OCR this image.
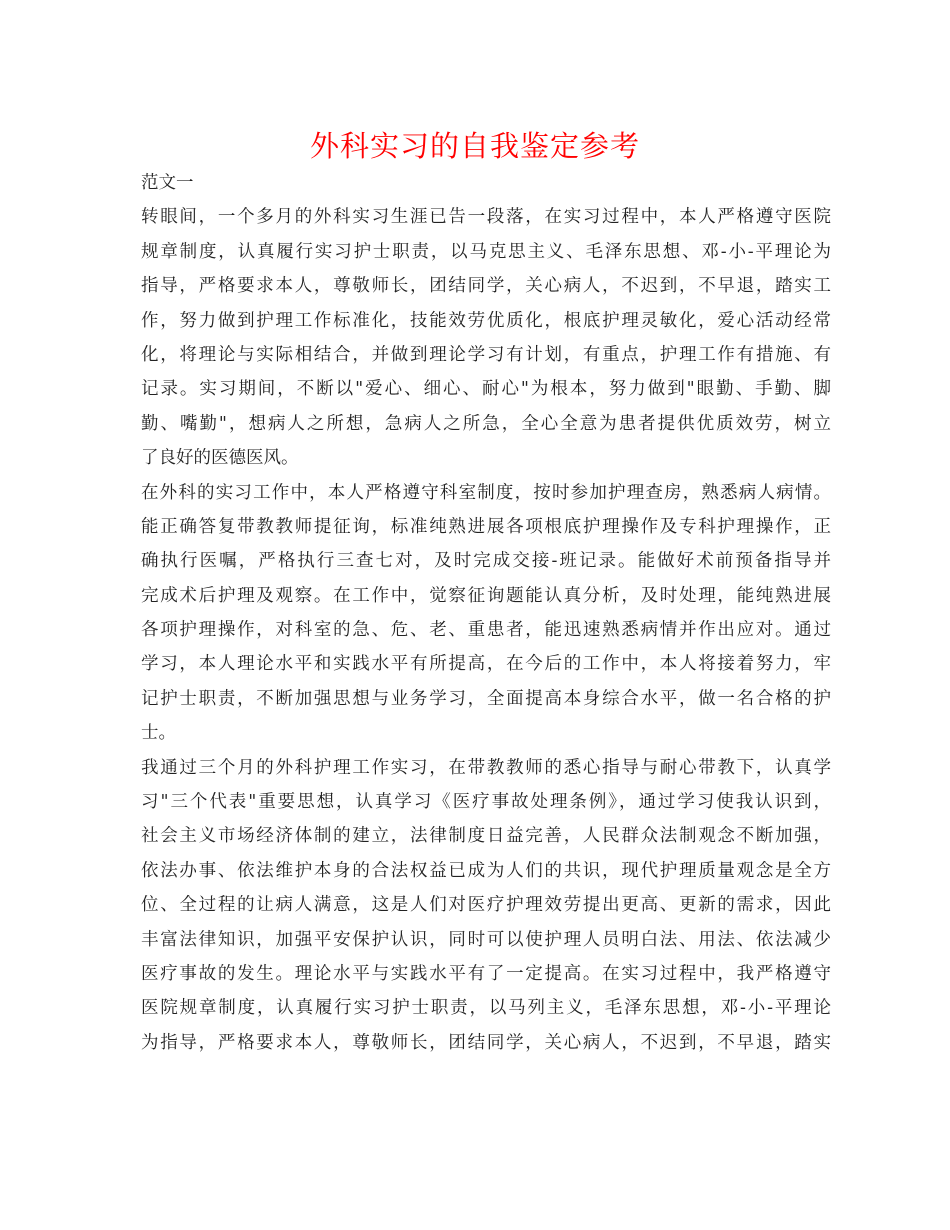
外科实习的自我鉴定参考
范文一
转眼间，一个多月的外科实习生涯已告一段落，在实习过程中，本人严格遵守医院
规章制度，认真履行实习护士职责，以马克思主义、毛泽东思想、邓-小-平理论为
指导，严格要求本人，尊敬师长，团结同学，关心病人，不迟到，不早退，踏实工
作，努力做到护理工作标准化，技能效劳优质化，根底护理灵敏化，爱心活动经常
化，将理论与实际相结合，并做到理论学习有计划，有重点，护理工作有措施、有
记录。实习期间，不断以"爱心、细心、耐心"为根本，努力做到"眼勤、手勤、脚
勤、嘴勤"，想病人之所想，急病人之所急，全心全意为患者提供优质效劳，树立
了良好的医德医风。
在外科的实习工作中，本人严格遵守科室制度，按时参加护理查房，熟悉病人病情。
能正确答复带教教师提征询，标准纯熟进展各项根底护理操作及专科护理操作，正
确执行医嘱，严格执行三查七对，及时完成交接-班记录。能做好术前预备指导并
完成术后护理及观察。在工作中，觉察征询题能认真分析，及时处理，能纯熟进展
各项护理操作，对科室的急、危、老、重患者，能迅速熟悉病情并作出应对。通过
学习，本人理论水平和实践水平有所提高，在今后的工作中，本人将接着努力，牢
记护士职责，不断加强思想与业务学习，全面提高本身综合水平，做一名合格的护
士。
我通过三个月的外科护理工作实习，在带教教师的悉心指导与耐心带教下，认真学
习"三个代表"重要思想，认真学习《医疗事故处理条例》，通过学习使我认识到，
社会主义市场经济体制的建立，法律制度日益完善，人民群众法制观念不断加强，
依法办事、依法维护本身的合法权益已成为人们的共识，现代护理质量观念是全方
位、全过程的让病人满意，这是人们对医疗护理效劳提出更高、更新的需求，因此
丰富法律知识，加强平安保护认识，同时可以使护理人员明白法、用法、依法减少
医疗事故的发生。理论水平与实践水平有了一定提高。在实习过程中，我严格遵守
医院规章制度，认真履行实习护士职责，以马列主义，毛泽东思想，邓-小-平理论
为指导，严格要求本人，尊敬师长，团结同学，关心病人，不迟到，不早退，踏实
